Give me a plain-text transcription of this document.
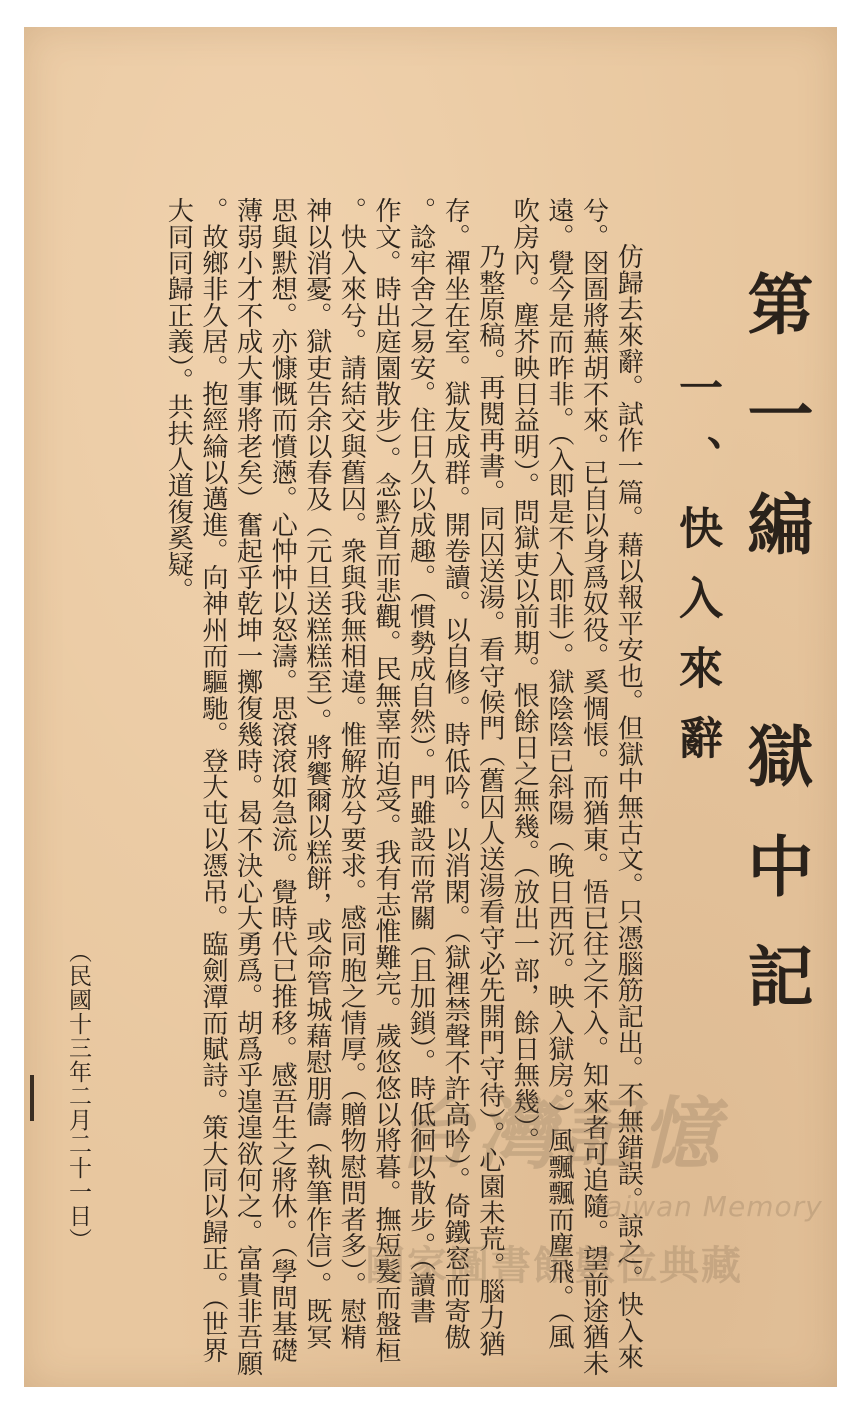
第一編 獄中記
一、快入來辭
仿歸去來辭。試作一篇。藉以報平安也。但獄中無古文。只憑腦筋記出。不無錯誤。諒之。快入來
兮。囹圄將蕪胡不來。已自以身爲奴役。奚惆悵。而猶東。悟已往之不入。知來者可追隨。望前途猶未
遠。覺今是而昨非。（入即是不入即非）。獄陰陰已斜陽（晚日西沉。映入獄房。）風飄飄而塵飛。（風
吹房內。塵芥映日益明）。問獄吏以前期。恨餘日之無幾。（放出一部，餘日無幾）。
乃整原稿。再閱再書。同囚送湯。看守候門（舊囚人送湯看守必先開門守待）。心園未荒。腦力猶
存。禪坐在室。獄友成群。開卷讀。以自修。時低吟。以消閑。（獄裡禁聲不許高吟）。倚鐵窓而寄傲
。諗牢舍之易安。住日久以成趣。（慣勢成自然）。門雖設而常關（且加鎖）。時低徊以散步。（讀書
作文。時出庭園散步）。念黔首而悲觀。民無辜而迫受。我有志惟難完。歲悠悠以將暮。撫短髮而盤桓
。快入來兮。請結交與舊囚。衆與我無相違。惟解放兮要求。感同胞之情厚。（贈物慰問者多）。慰精
神以消憂。獄吏告余以春及（元旦送糕糕至）。將饗爾以糕餅，或命管城藉慰朋儔（執筆作信）。既冥
思與默想。亦慷慨而憤懣。心忡忡以怒濤。思滾滾如急流。覺時代已推移。感吾生之將休。（學問基礎
薄弱小才不成大事將老矣）奮起乎乾坤一擲復幾時。曷不決心大勇爲。胡爲乎遑遑欲何之。富貴非吾願
。故鄉非久居。抱經綸以邁進。向神州而驅馳。登大屯以憑吊。臨劍潭而賦詩。策大同以歸正。（世界
大同同歸正義）。共扶人道復奚疑。
（民國十三年二月二十一日）	台灣記憶
Taiwan Memory
國家圖書館數位典藏
